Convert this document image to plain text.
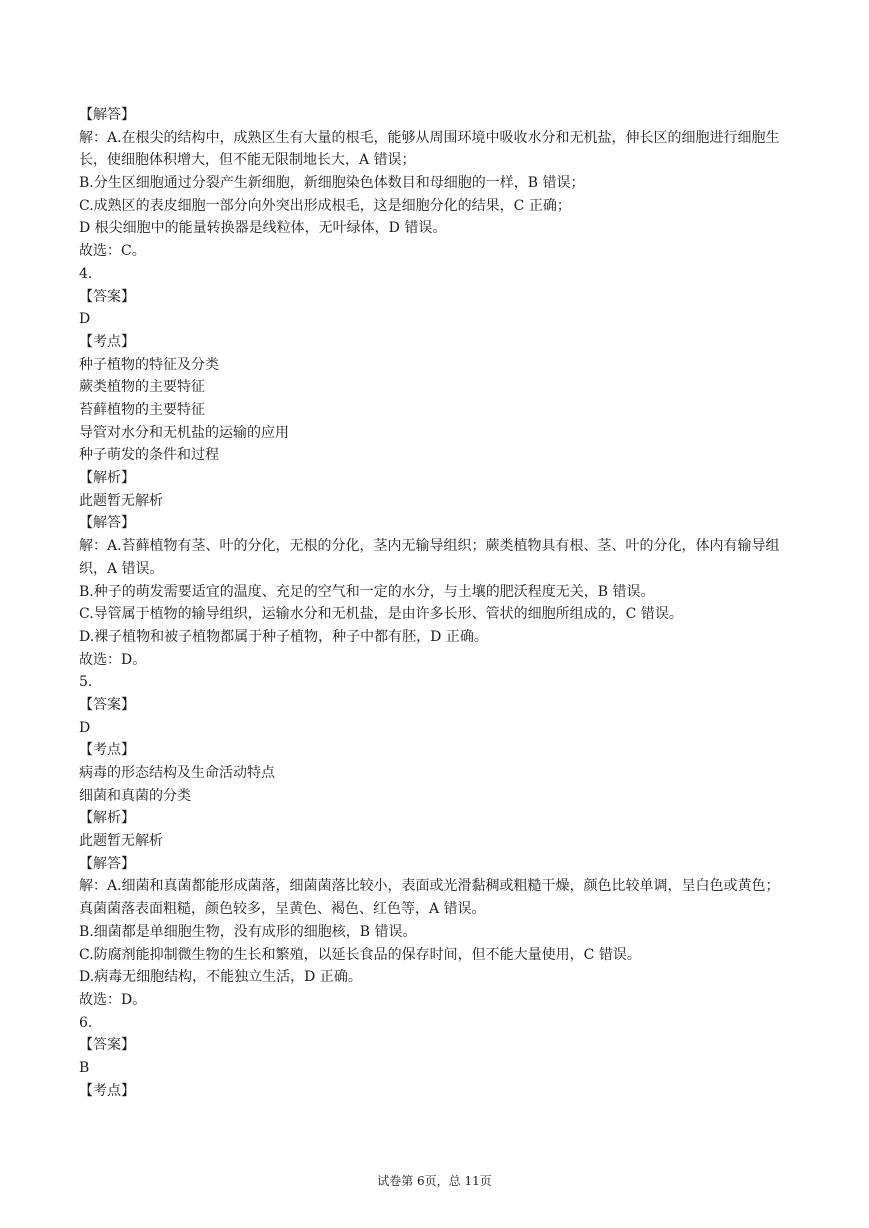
【解答】
解：A.在根尖的结构中，成熟区生有大量的根毛，能够从周围环境中吸收水分和无机盐，伸长区的细胞进行细胞生长，使细胞体积增大，但不能无限制地长大，A 错误；
B.分生区细胞通过分裂产生新细胞，新细胞染色体数目和母细胞的一样，B 错误；
C.成熟区的表皮细胞一部分向外突出形成根毛，这是细胞分化的结果，C 正确；
D 根尖细胞中的能量转换器是线粒体，无叶绿体，D 错误。
故选：C。
4.
【答案】
D
【考点】
种子植物的特征及分类
蕨类植物的主要特征
苔藓植物的主要特征
导管对水分和无机盐的运输的应用
种子萌发的条件和过程
【解析】
此题暂无解析
【解答】
解：A.苔藓植物有茎、叶的分化，无根的分化，茎内无输导组织；蕨类植物具有根、茎、叶的分化，体内有输导组织，A 错误。
B.种子的萌发需要适宜的温度、充足的空气和一定的水分，与土壤的肥沃程度无关，B 错误。
C.导管属于植物的输导组织，运输水分和无机盐，是由许多长形、管状的细胞所组成的，C 错误。
D.裸子植物和被子植物都属于种子植物，种子中都有胚，D 正确。
故选：D。
5.
【答案】
D
【考点】
病毒的形态结构及生命活动特点
细菌和真菌的分类
【解析】
此题暂无解析
【解答】
解：A.细菌和真菌都能形成菌落，细菌菌落比较小，表面或光滑黏稠或粗糙干燥，颜色比较单调，呈白色或黄色；真菌菌落表面粗糙，颜色较多，呈黄色、褐色、红色等，A 错误。
B.细菌都是单细胞生物，没有成形的细胞核，B 错误。
C.防腐剂能抑制微生物的生长和繁殖，以延长食品的保存时间，但不能大量使用，C 错误。
D.病毒无细胞结构，不能独立生活，D 正确。
故选：D。
6.
【答案】
B
【考点】
试卷第 6页，总 11页
